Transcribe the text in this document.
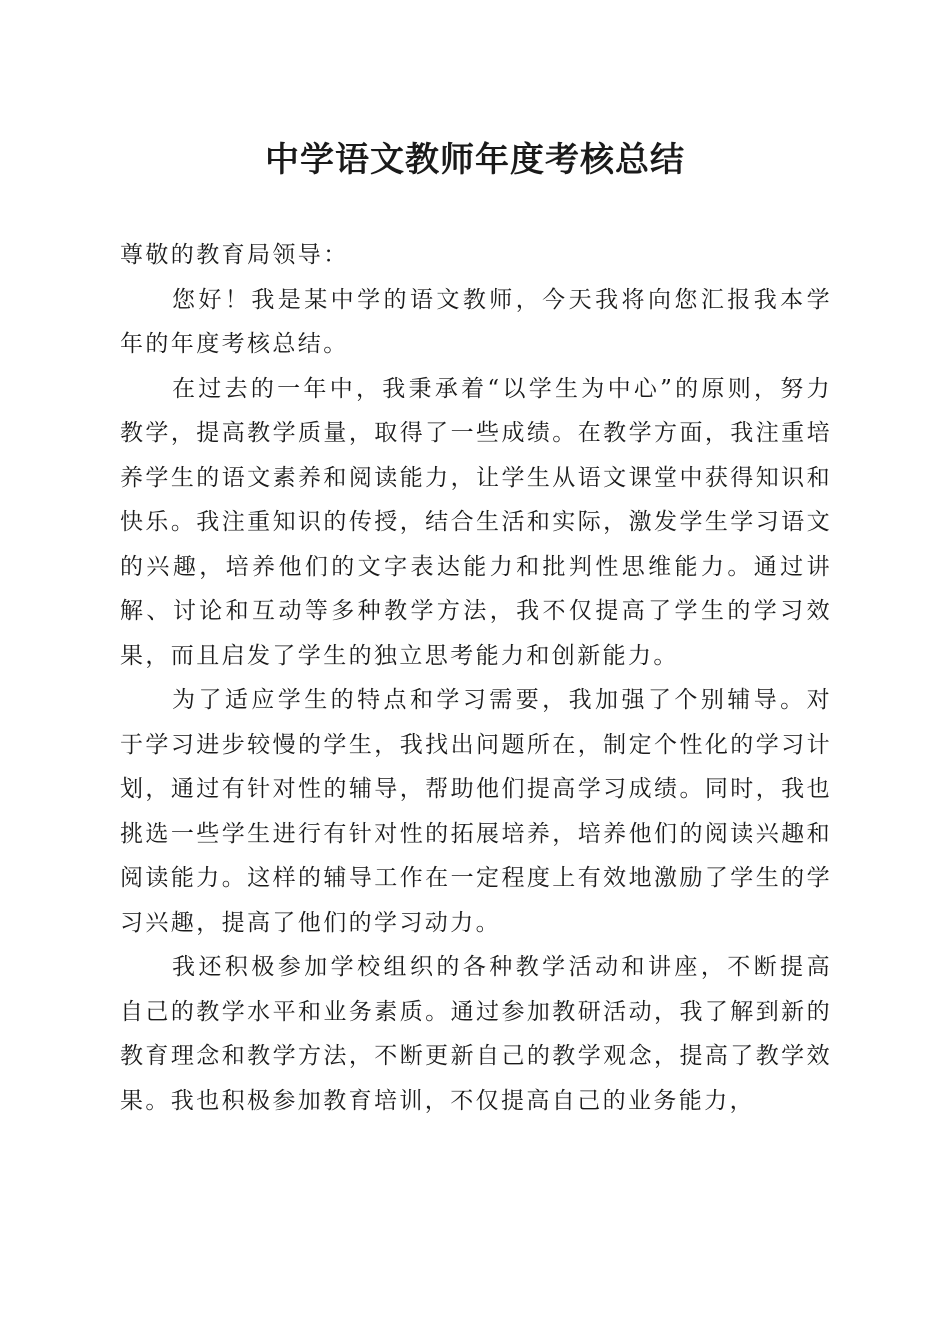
中学语文教师年度考核总结

尊敬的教育局领导：

您好！我是某中学的语文教师，今天我将向您汇报我本学年的年度考核总结。

在过去的一年中，我秉承着“以学生为中心”的原则，努力教学，提高教学质量，取得了一些成绩。在教学方面，我注重培养学生的语文素养和阅读能力，让学生从语文课堂中获得知识和快乐。我注重知识的传授，结合生活和实际，激发学生学习语文的兴趣，培养他们的文字表达能力和批判性思维能力。通过讲解、讨论和互动等多种教学方法，我不仅提高了学生的学习效果，而且启发了学生的独立思考能力和创新能力。

为了适应学生的特点和学习需要，我加强了个别辅导。对于学习进步较慢的学生，我找出问题所在，制定个性化的学习计划，通过有针对性的辅导，帮助他们提高学习成绩。同时，我也挑选一些学生进行有针对性的拓展培养，培养他们的阅读兴趣和阅读能力。这样的辅导工作在一定程度上有效地激励了学生的学习兴趣，提高了他们的学习动力。

我还积极参加学校组织的各种教学活动和讲座，不断提高自己的教学水平和业务素质。通过参加教研活动，我了解到新的教育理念和教学方法，不断更新自己的教学观念，提高了教学效果。我也积极参加教育培训，不仅提高自己的业务能力，
